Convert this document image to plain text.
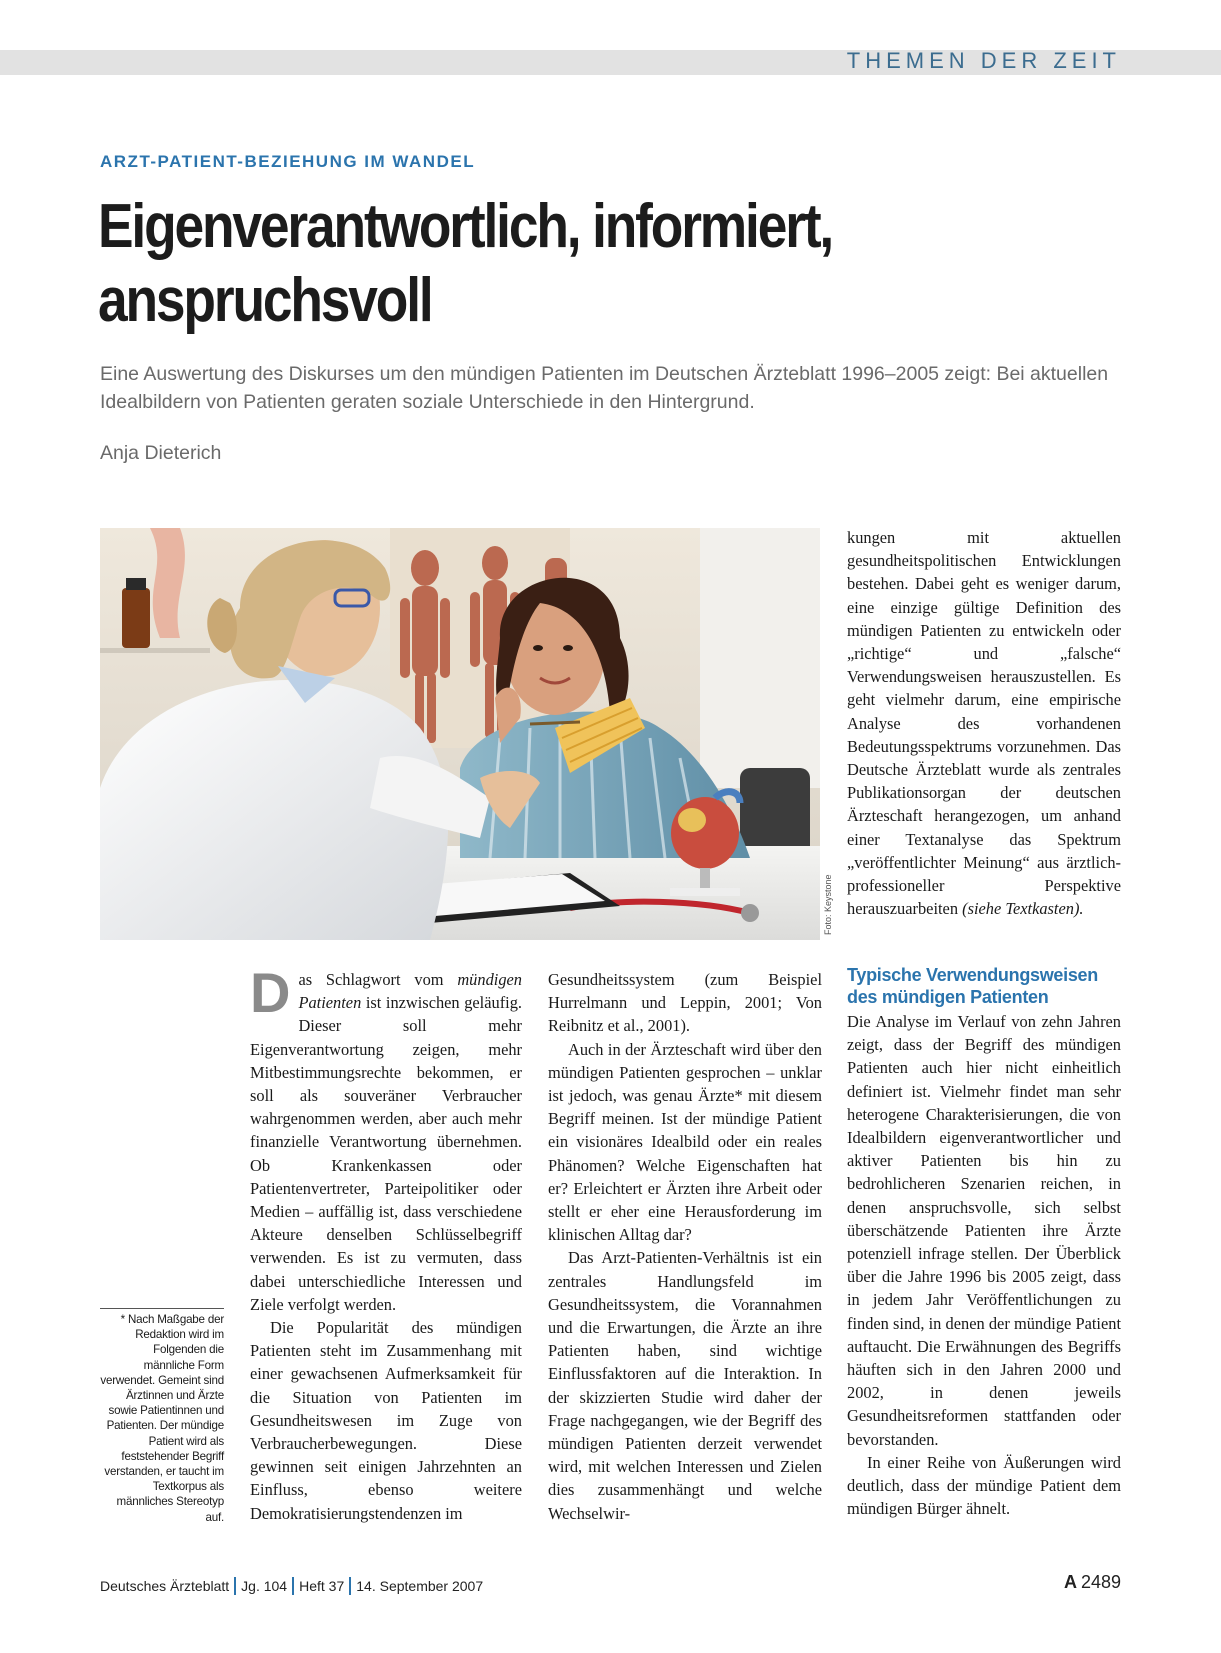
THEMEN DER ZEIT
ARZT-PATIENT-BEZIEHUNG IM WANDEL
Eigenverantwortlich, informiert, anspruchsvoll

Eine Auswertung des Diskurses um den mündigen Patienten im Deutschen Ärzteblatt 1996–2005 zeigt: Bei aktuellen Idealbildern von Patienten geraten soziale Unterschiede in den Hintergrund.

Anja Dieterich
Foto: Keystone

Das Schlagwort vom mündigen Patienten ist inzwischen geläufig. Dieser soll mehr Eigenverantwortung zeigen, mehr Mitbestimmungsrechte bekommen, er soll als souveräner Verbraucher wahrgenommen werden, aber auch mehr finanzielle Verantwortung übernehmen. Ob Krankenkassen oder Patientenvertreter, Parteipolitiker oder Medien – auffällig ist, dass verschiedene Akteure denselben Schlüsselbegriff verwenden. Es ist zu vermuten, dass dabei unterschiedliche Interessen und Ziele verfolgt werden.

Die Popularität des mündigen Patienten steht im Zusammenhang mit einer gewachsenen Aufmerksamkeit für die Situation von Patienten im Gesundheitswesen im Zuge von Verbraucherbewegungen. Diese gewinnen seit einigen Jahrzehnten an Einfluss, ebenso weitere Demokratisierungstendenzen im

Gesundheitssystem (zum Beispiel Hurrelmann und Leppin, 2001; Von Reibnitz et al., 2001).

Auch in der Ärzteschaft wird über den mündigen Patienten gesprochen – unklar ist jedoch, was genau Ärzte* mit diesem Begriff meinen. Ist der mündige Patient ein visionäres Idealbild oder ein reales Phänomen? Welche Eigenschaften hat er? Erleichtert er Ärzten ihre Arbeit oder stellt er eher eine Herausforderung im klinischen Alltag dar?

Das Arzt-Patienten-Verhältnis ist ein zentrales Handlungsfeld im Gesundheitssystem, die Vorannahmen und die Erwartungen, die Ärzte an ihre Patienten haben, sind wichtige Einflussfaktoren auf die Interaktion. In der skizzierten Studie wird daher der Frage nachgegangen, wie der Begriff des mündigen Patienten derzeit verwendet wird, mit welchen Interessen und Zielen dies zusammenhängt und welche Wechselwir-

kungen mit aktuellen gesundheitspolitischen Entwicklungen bestehen. Dabei geht es weniger darum, eine einzige gültige Definition des mündigen Patienten zu entwickeln oder „richtige“ und „falsche“ Verwendungsweisen herauszustellen. Es geht vielmehr darum, eine empirische Analyse des vorhandenen Bedeutungsspektrums vorzunehmen. Das Deutsche Ärzteblatt wurde als zentrales Publikationsorgan der deutschen Ärzteschaft herangezogen, um anhand einer Textanalyse das Spektrum „veröffentlichter Meinung“ aus ärztlich-professioneller Perspektive herauszuarbeiten (siehe Textkasten).

Typische Verwendungsweisen des mündigen Patienten

Die Analyse im Verlauf von zehn Jahren zeigt, dass der Begriff des mündigen Patienten auch hier nicht einheitlich definiert ist. Vielmehr findet man sehr heterogene Charakterisierungen, die von Idealbildern eigenverantwortlicher und aktiver Patienten bis hin zu bedrohlicheren Szenarien reichen, in denen anspruchsvolle, sich selbst überschätzende Patienten ihre Ärzte potenziell infrage stellen. Der Überblick über die Jahre 1996 bis 2005 zeigt, dass in jedem Jahr Veröffentlichungen zu finden sind, in denen der mündige Patient auftaucht. Die Erwähnungen des Begriffs häuften sich in den Jahren 2000 und 2002, in denen jeweils Gesundheitsreformen stattfanden oder bevorstanden.

In einer Reihe von Äußerungen wird deutlich, dass der mündige Patient dem mündigen Bürger ähnelt.

* Nach Maßgabe der Redaktion wird im Folgenden die männliche Form verwendet. Gemeint sind Ärztinnen und Ärzte sowie Patientinnen und Patienten. Der mündige Patient wird als feststehender Begriff verstanden, er taucht im Textkorpus als männliches Stereotyp auf.
Deutsches Ärzteblatt Jg. 104 Heft 37 14. September 2007	A 2489
